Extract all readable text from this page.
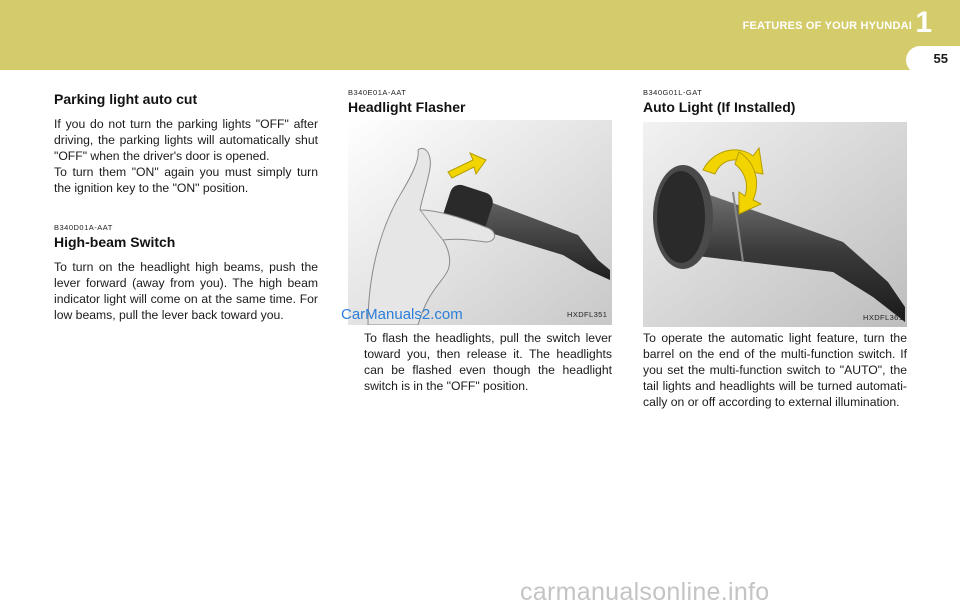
FEATURES OF YOUR HYUNDAI 1
55
Parking light auto cut

If you do not turn the parking lights "OFF" after driving, the parking lights will automatically shut "OFF" when the driver's door is opened.

To turn them "ON" again you must simply turn the ignition key to the "ON" position.

B340D01A-AAT
High-beam Switch
To turn on the headlight high beams, push the lever forward (away from you). The high beam indicator light will come on at the same time. For low beams, pull the lever back toward you.
B340E01A-AAT
Headlight Flasher
HXDFL351
CarManuals2.com
To flash the headlights, pull the switch lever toward you, then release it. The headlights can be flashed even though the headlight switch is in the "OFF" position.
B340G01L-GAT
Auto Light (If Installed)
HXDFL361
To operate the automatic light feature, turn the barrel on the end of the multi-function switch. If you set the multi-function switch to "AUTO", the tail lights and headlights will be turned automati-cally on or off according to external illumination.
carmanualsonline.info
